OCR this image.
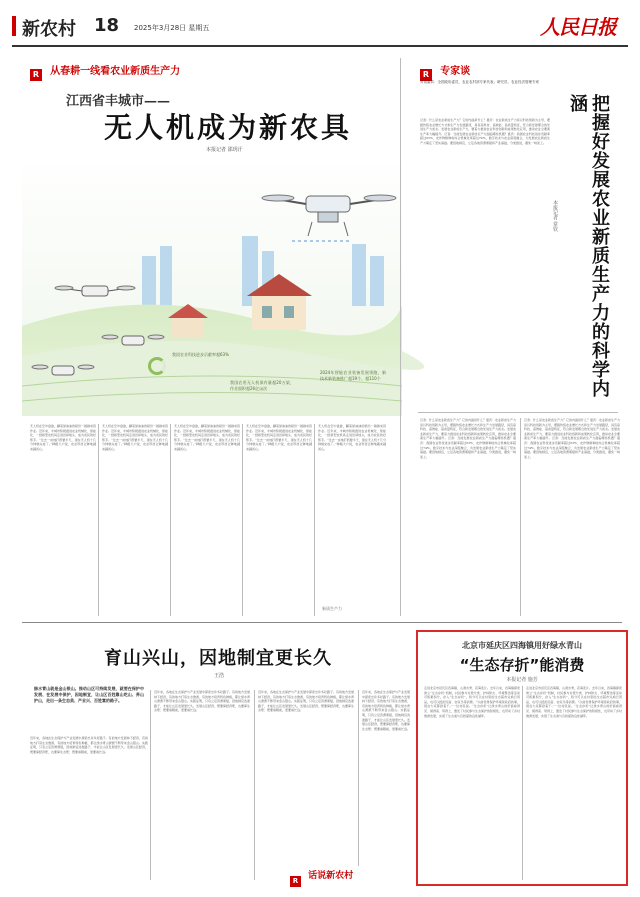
新农村 18 2025年3月28日 星期五	人民日报
R $^{从春耕一线看农业新质生产力}$
江西省丰城市——
无人机成为新农具
本报记者 邵玥汗
我国农业科技进步贡献率超63%
我国农用无人机保有量超20万架，作业面积超26亿亩次
2024年智能农业装备发展领跑，新技术新装备推广超19个、超110个
无人机在空中盘旋，翻着绿油油的稻田一趟趟来回作业。近年来，丰城市积极推进农业机械化、智能化，一批新型农机具走进田间地头，成为农民的好帮手。“过去一亩地打药要半天，现在无人机十几分钟就完成了。”种粮大户说，农业科技让种地越来越省心。
无人机在空中盘旋，翻着绿油油的稻田一趟趟来回作业。近年来，丰城市积极推进农业机械化、智能化，一批新型农机具走进田间地头，成为农民的好帮手。“过去一亩地打药要半天，现在无人机十几分钟就完成了。”种粮大户说，农业科技让种地越来越省心。
无人机在空中盘旋，翻着绿油油的稻田一趟趟来回作业。近年来，丰城市积极推进农业机械化、智能化，一批新型农机具走进田间地头，成为农民的好帮手。“过去一亩地打药要半天，现在无人机十几分钟就完成了。”种粮大户说，农业科技让种地越来越省心。
无人机在空中盘旋，翻着绿油油的稻田一趟趟来回作业。近年来，丰城市积极推进农业机械化、智能化，一批新型农机具走进田间地头，成为农民的好帮手。“过去一亩地打药要半天，现在无人机十几分钟就完成了。”种粮大户说，农业科技让种地越来越省心。
无人机在空中盘旋，翻着绿油油的稻田一趟趟来回作业。近年来，丰城市积极推进农业机械化、智能化，一批新型农机具走进田间地头，成为农民的好帮手。“过去一亩地打药要半天，现在无人机十几分钟就完成了。”种粮大户说，农业科技让种地越来越省心。
新质生产力
R $^{专家谈}$
对话嘉宾：全国政协委员、农业农村部专家代表；研究员、农业经济管理专家
把握好发展农业新质生产力的科学内涵
本报记者 常钦
记者：什么是农业新质生产力？它的内涵是什么？嘉宾：农业新质生产力是以科技创新为主导，摆脱传统农业增长方式和生产力发展路径，具有高科技、高效能、高质量特征，符合新发展理念的先进生产力质态。发展农业新质生产力，要着力推进农业科技创新和成果转化应用，推动农业全要素生产率大幅提升。记者：当前发展农业新质生产力面临哪些机遇？嘉宾：我国农业科技进步贡献率超过63%，农作物耕种收综合机械化率超过74%，数字技术与农业深度融合，为发展农业新质生产力奠定了坚实基础。要因地制宜，立足各地资源禀赋和产业基础，分类推进，避免一哄而上。
记者：什么是农业新质生产力？它的内涵是什么？嘉宾：农业新质生产力是以科技创新为主导，摆脱传统农业增长方式和生产力发展路径，具有高科技、高效能、高质量特征，符合新发展理念的先进生产力质态。发展农业新质生产力，要着力推进农业科技创新和成果转化应用，推动农业全要素生产率大幅提升。记者：当前发展农业新质生产力面临哪些机遇？嘉宾：我国农业科技进步贡献率超过63%，农作物耕种收综合机械化率超过74%，数字技术与农业深度融合，为发展农业新质生产力奠定了坚实基础。要因地制宜，立足各地资源禀赋和产业基础，分类推进，避免一哄而上。
记者：什么是农业新质生产力？它的内涵是什么？嘉宾：农业新质生产力是以科技创新为主导，摆脱传统农业增长方式和生产力发展路径，具有高科技、高效能、高质量特征，符合新发展理念的先进生产力质态。发展农业新质生产力，要着力推进农业科技创新和成果转化应用，推动农业全要素生产率大幅提升。记者：当前发展农业新质生产力面临哪些机遇？嘉宾：我国农业科技进步贡献率超过63%，农作物耕种收综合机械化率超过74%，数字技术与农业深度融合，为发展农业新质生产力奠定了坚实基础。要因地制宜，立足各地资源禀赋和产业基础，分类推进，避免一哄而上。
育山兴山，因地制宜更长久
王浩
绿水青山就是金山银山。推动山区可持续发展，就要在保护中发展、在发展中保护，因地制宜，让山区百姓靠山吃山、养山护山，走出一条生态美、产业兴、百姓富的路子。
近年来，各地在生态保护与产业发展中探索出许多好路子。有的地方发展林下经济，有的地方打造生态旅游，有的地方培育特色种植，都让绿水青山源源不断带来金山银山。实践证明，只有立足资源禀赋，因地制宜选准路子，才能让山区发展更长久。发展山区经济，既要算经济账，也要算生态账；既要看眼前，更要看长远。
近年来，各地在生态保护与产业发展中探索出许多好路子。有的地方发展林下经济，有的地方打造生态旅游，有的地方培育特色种植，都让绿水青山源源不断带来金山银山。实践证明，只有立足资源禀赋，因地制宜选准路子，才能让山区发展更长久。发展山区经济，既要算经济账，也要算生态账；既要看眼前，更要看长远。
近年来，各地在生态保护与产业发展中探索出许多好路子。有的地方发展林下经济，有的地方打造生态旅游，有的地方培育特色种植，都让绿水青山源源不断带来金山银山。实践证明，只有立足资源禀赋，因地制宜选准路子，才能让山区发展更长久。发展山区经济，既要算经济账，也要算生态账；既要看眼前，更要看长远。
近年来，各地在生态保护与产业发展中探索出许多好路子。有的地方发展林下经济，有的地方打造生态旅游，有的地方培育特色种植，都让绿水青山源源不断带来金山银山。实践证明，只有立足资源禀赋，因地制宜选准路子，才能让山区发展更长久。发展山区经济，既要算经济账，也要算生态账；既要看眼前，更要看长远。
R $^{话说新农村}$
北京市延庆区四海镇用好绿水青山
“生态存折”能消费
本报记者 施芳
走进北京市延庆区四海镇，山清水秀，花海连片。去年以来，四海镇探索建立“生态存折”机制，村民参与垃圾分类、护林防火、环境整治等活动可积累积分，存入“生态存折”，积分可以在村里的生态超市兑换日用品，也可以抵扣民宿、农家乐等消费。“以前觉得保护环境是政府的事，现在大家都抢着干。”一位村民说。“生态存折”让绿水青山的价值看得见、摸得着、用得上，激发了村民参与生态保护的积极性，也带动了乡村旅游发展，实现了生态美与百姓富的良性循环。
走进北京市延庆区四海镇，山清水秀，花海连片。去年以来，四海镇探索建立“生态存折”机制，村民参与垃圾分类、护林防火、环境整治等活动可积累积分，存入“生态存折”，积分可以在村里的生态超市兑换日用品，也可以抵扣民宿、农家乐等消费。“以前觉得保护环境是政府的事，现在大家都抢着干。”一位村民说。“生态存折”让绿水青山的价值看得见、摸得着、用得上，激发了村民参与生态保护的积极性，也带动了乡村旅游发展，实现了生态美与百姓富的良性循环。
